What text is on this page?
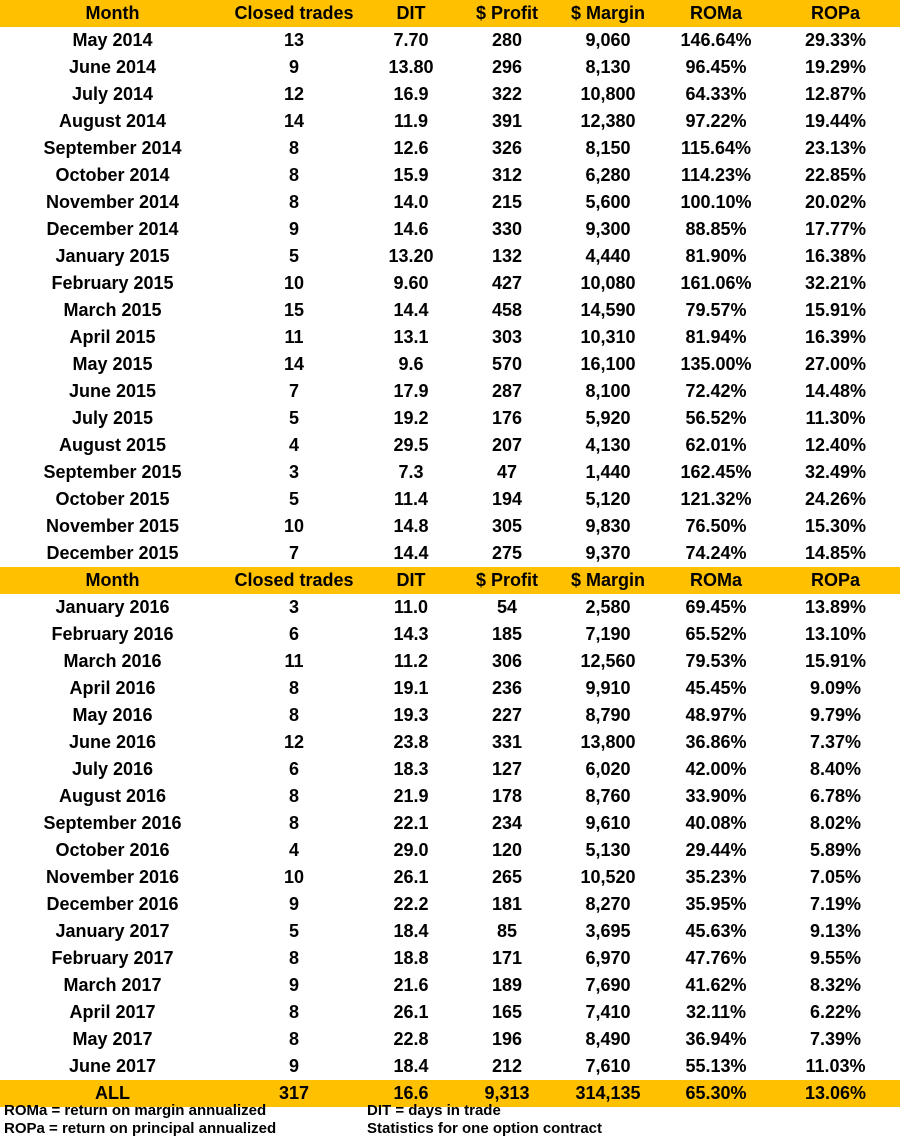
Month	Closed trades	DIT	$ Profit	$ Margin	ROMa	ROPa
May 2014	13	7.70	280	9,060	146.64%	29.33%
June 2014	9	13.80	296	8,130	96.45%	19.29%
July 2014	12	16.9	322	10,800	64.33%	12.87%
August 2014	14	11.9	391	12,380	97.22%	19.44%
September 2014	8	12.6	326	8,150	115.64%	23.13%
October 2014	8	15.9	312	6,280	114.23%	22.85%
November 2014	8	14.0	215	5,600	100.10%	20.02%
December 2014	9	14.6	330	9,300	88.85%	17.77%
January 2015	5	13.20	132	4,440	81.90%	16.38%
February 2015	10	9.60	427	10,080	161.06%	32.21%
March 2015	15	14.4	458	14,590	79.57%	15.91%
April 2015	11	13.1	303	10,310	81.94%	16.39%
May 2015	14	9.6	570	16,100	135.00%	27.00%
June 2015	7	17.9	287	8,100	72.42%	14.48%
July 2015	5	19.2	176	5,920	56.52%	11.30%
August 2015	4	29.5	207	4,130	62.01%	12.40%
September 2015	3	7.3	47	1,440	162.45%	32.49%
October 2015	5	11.4	194	5,120	121.32%	24.26%
November 2015	10	14.8	305	9,830	76.50%	15.30%
December 2015	7	14.4	275	9,370	74.24%	14.85%
Month	Closed trades	DIT	$ Profit	$ Margin	ROMa	ROPa
January 2016	3	11.0	54	2,580	69.45%	13.89%
February 2016	6	14.3	185	7,190	65.52%	13.10%
March 2016	11	11.2	306	12,560	79.53%	15.91%
April 2016	8	19.1	236	9,910	45.45%	9.09%
May 2016	8	19.3	227	8,790	48.97%	9.79%
June 2016	12	23.8	331	13,800	36.86%	7.37%
July 2016	6	18.3	127	6,020	42.00%	8.40%
August 2016	8	21.9	178	8,760	33.90%	6.78%
September 2016	8	22.1	234	9,610	40.08%	8.02%
October 2016	4	29.0	120	5,130	29.44%	5.89%
November 2016	10	26.1	265	10,520	35.23%	7.05%
December 2016	9	22.2	181	8,270	35.95%	7.19%
January 2017	5	18.4	85	3,695	45.63%	9.13%
February 2017	8	18.8	171	6,970	47.76%	9.55%
March 2017	9	21.6	189	7,690	41.62%	8.32%
April 2017	8	26.1	165	7,410	32.11%	6.22%
May 2017	8	22.8	196	8,490	36.94%	7.39%
June 2017	9	18.4	212	7,610	55.13%	11.03%
ALL	317	16.6	9,313	314,135	65.30%	13.06%
ROMa = return on margin annualized
ROPa = return on principal annualized
DIT = days in trade
Statistics for one option contract
